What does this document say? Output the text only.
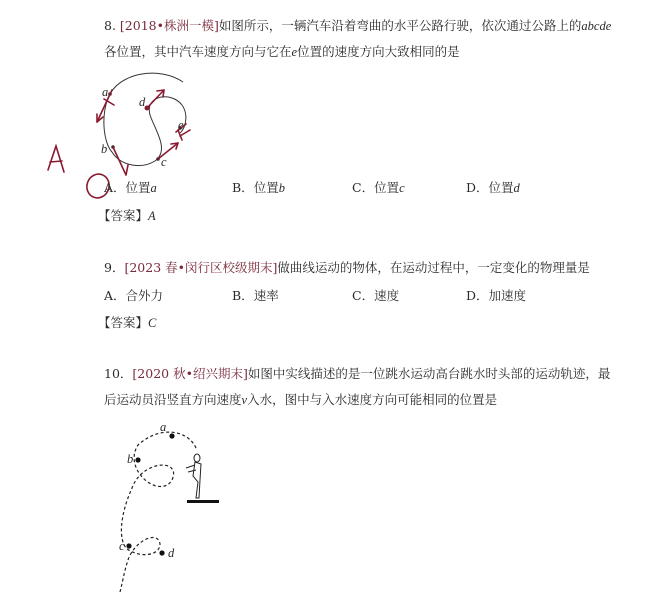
8. [2018•株洲一模]如图所示，一辆汽车沿着弯曲的水平公路行驶，依次通过公路上的abcde
各位置，其中汽车速度方向与它在e位置的速度方向大致相同的是
a
b
c
d
e
A．位置a	B．位置b	C．位置c	D．位置d
【答案】A
9．[2023 春•闵行区校级期末]做曲线运动的物体，在运动过程中，一定变化的物理量是
A．合外力	B．速率	C．速度	D．加速度
【答案】C
10．[2020 秋•绍兴期末]如图中实线描述的是一位跳水运动高台跳水时头部的运动轨迹，最
后运动员沿竖直方向速度v入水，图中与入水速度方向可能相同的位置是
a
b
c	d
